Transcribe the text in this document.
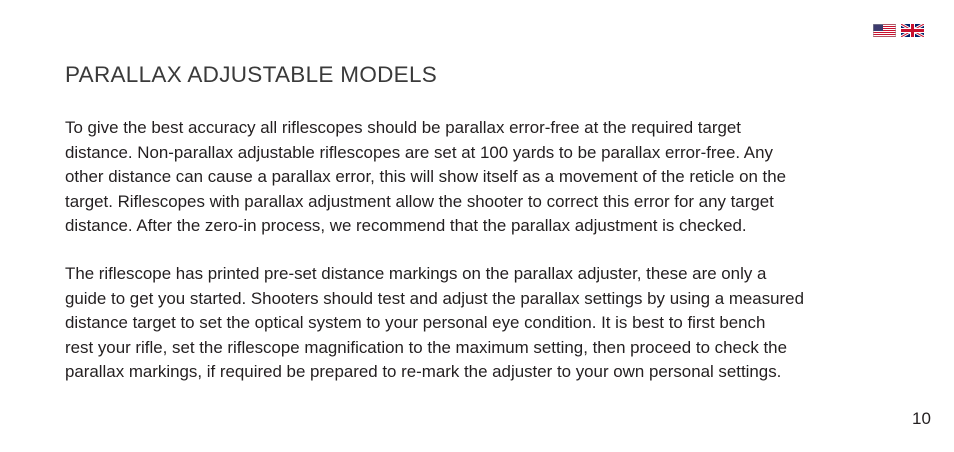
PARALLAX ADJUSTABLE MODELS

To give the best accuracy all riflescopes should be parallax error-free at the required target
distance. Non-parallax adjustable riflescopes are set at 100 yards to be parallax error-free. Any
other distance can cause a parallax error, this will show itself as a movement of the reticle on the
target. Riflescopes with parallax adjustment allow the shooter to correct this error for any target
distance. After the zero-in process, we recommend that the parallax adjustment is checked.

The riflescope has printed pre-set distance markings on the parallax adjuster, these are only a
guide to get you started. Shooters should test and adjust the parallax settings by using a measured
distance target to set the optical system to your personal eye condition. It is best to first bench
rest your rifle, set the riflescope magnification to the maximum setting, then proceed to check the
parallax markings, if required be prepared to re-mark the adjuster to your own personal settings.

10
